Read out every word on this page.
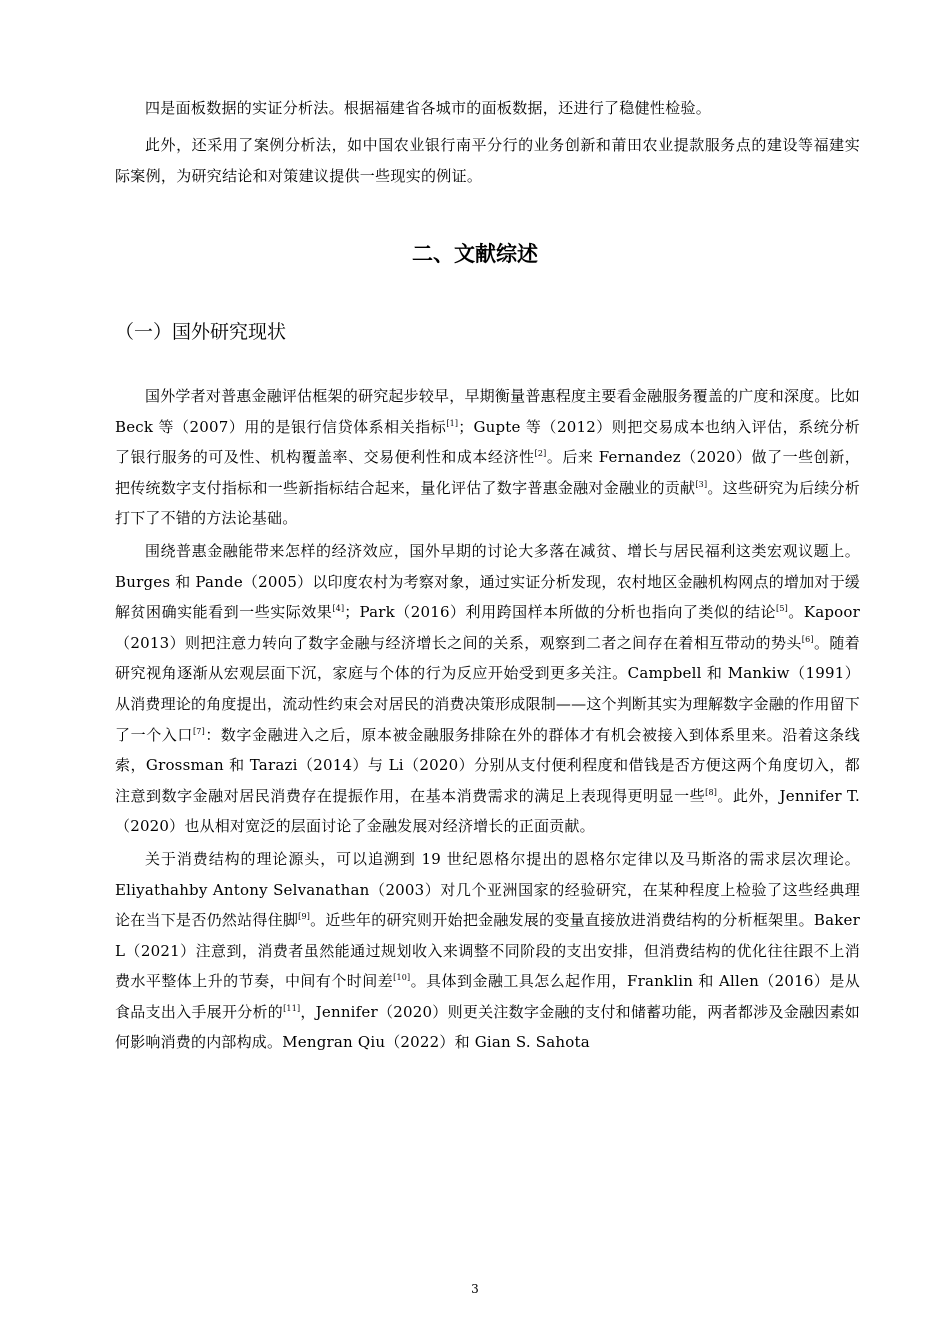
四是面板数据的实证分析法。根据福建省各城市的面板数据，还进行了稳健性检验。

此外，还采用了案例分析法，如中国农业银行南平分行的业务创新和莆田农业提款服务点的建设等福建实际案例，为研究结论和对策建议提供一些现实的例证。

二、文献综述
（一）国外研究现状

国外学者对普惠金融评估框架的研究起步较早，早期衡量普惠程度主要看金融服务覆盖的广度和深度。比如 Beck 等（2007）用的是银行信贷体系相关指标[1]；Gupte 等（2012）则把交易成本也纳入评估，系统分析了银行服务的可及性、机构覆盖率、交易便利性和成本经济性[2]。后来 Fernandez（2020）做了一些创新，把传统数字支付指标和一些新指标结合起来，量化评估了数字普惠金融对金融业的贡献[3]。这些研究为后续分析打下了不错的方法论基础。

围绕普惠金融能带来怎样的经济效应，国外早期的讨论大多落在减贫、增长与居民福利这类宏观议题上。Burges 和 Pande（2005）以印度农村为考察对象，通过实证分析发现，农村地区金融机构网点的增加对于缓解贫困确实能看到一些实际效果[4]；Park（2016）利用跨国样本所做的分析也指向了类似的结论[5]。Kapoor（2013）则把注意力转向了数字金融与经济增长之间的关系，观察到二者之间存在着相互带动的势头[6]。随着研究视角逐渐从宏观层面下沉，家庭与个体的行为反应开始受到更多关注。Campbell 和 Mankiw（1991）从消费理论的角度提出，流动性约束会对居民的消费决策形成限制——这个判断其实为理解数字金融的作用留下了一个入口[7]：数字金融进入之后，原本被金融服务排除在外的群体才有机会被接入到体系里来。沿着这条线索，Grossman 和 Tarazi（2014）与 Li（2020）分别从支付便利程度和借钱是否方便这两个角度切入，都注意到数字金融对居民消费存在提振作用，在基本消费需求的满足上表现得更明显一些[8]。此外，Jennifer T.（2020）也从相对宽泛的层面讨论了金融发展对经济增长的正面贡献。

关于消费结构的理论源头，可以追溯到 19 世纪恩格尔提出的恩格尔定律以及马斯洛的需求层次理论。Eliyathahby Antony Selvanathan（2003）对几个亚洲国家的经验研究，在某种程度上检验了这些经典理论在当下是否仍然站得住脚[9]。近些年的研究则开始把金融发展的变量直接放进消费结构的分析框架里。Baker L（2021）注意到，消费者虽然能通过规划收入来调整不同阶段的支出安排，但消费结构的优化往往跟不上消费水平整体上升的节奏，中间有个时间差[10]。具体到金融工具怎么起作用，Franklin 和 Allen（2016）是从食品支出入手展开分析的[11]，Jennifer（2020）则更关注数字金融的支付和储蓄功能，两者都涉及金融因素如何影响消费的内部构成。Mengran Qiu（2022）和 Gian S. Sahota

3
